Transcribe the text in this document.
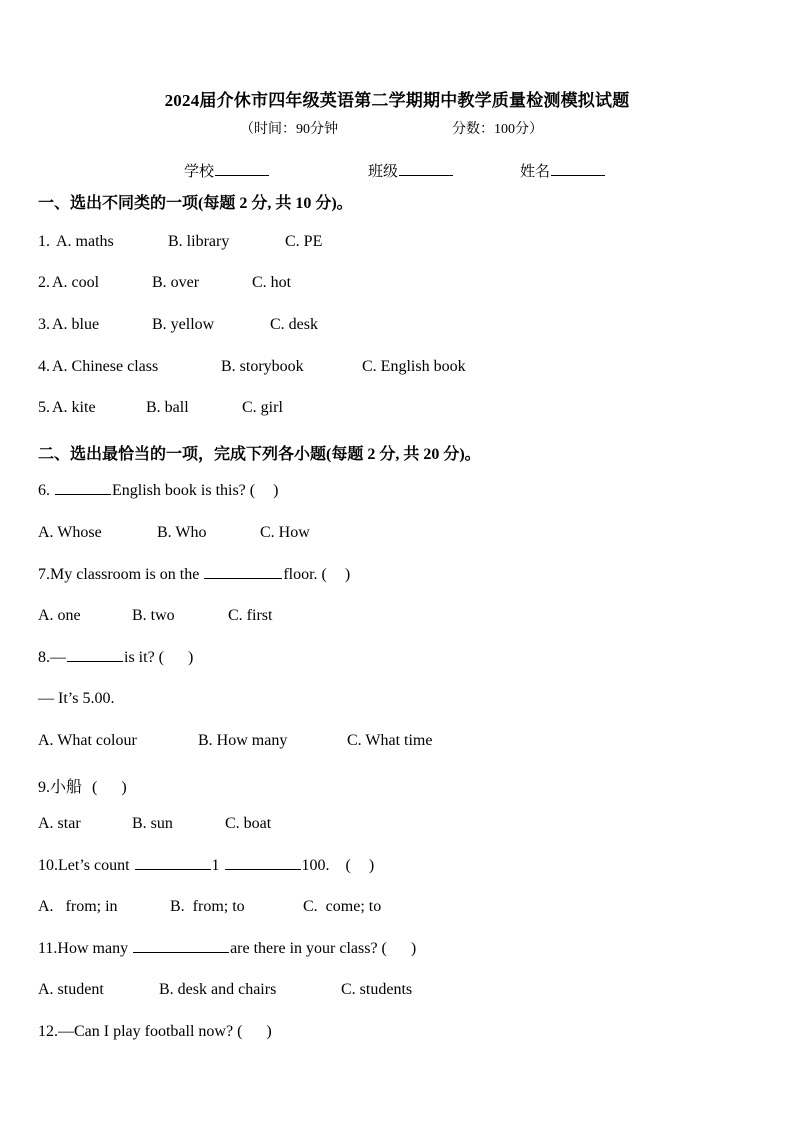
2024届介休市四年级英语第二学期期中教学质量检测模拟试题
（时间：90分钟	分数：100分）
学校	班级	姓名
一、选出不同类的一项(每题 2 分, 共 10 分)。
1. A. maths	B. library	C. PE
2. A. cool	B. over	C. hot
3. A. blue	B. yellow	C. desk
4. A. Chinese class	B. storybook	C. English book
5. A. kite	B. ball	C. girl
二、选出最恰当的一项，完成下列各小题(每题 2 分, 共 20 分)。
6.	English book is this? ( )
A. Whose	B. Who	C. How
7.My classroom is on the	floor. ( )
A. one	B. two	C. first
8.—	is it? ( )
— It’s 5.00.
A. What colour	B. How many	C. What time
9.小船 ( )
A. star	B. sun	C. boat
10.Let’s count	1	100. ( )
A.   from; in	B.  from; to	C.  come; to
11.How many	are there in your class? ( )
A. student	B. desk and chairs	C. students
12.—Can I play football now? ( )
